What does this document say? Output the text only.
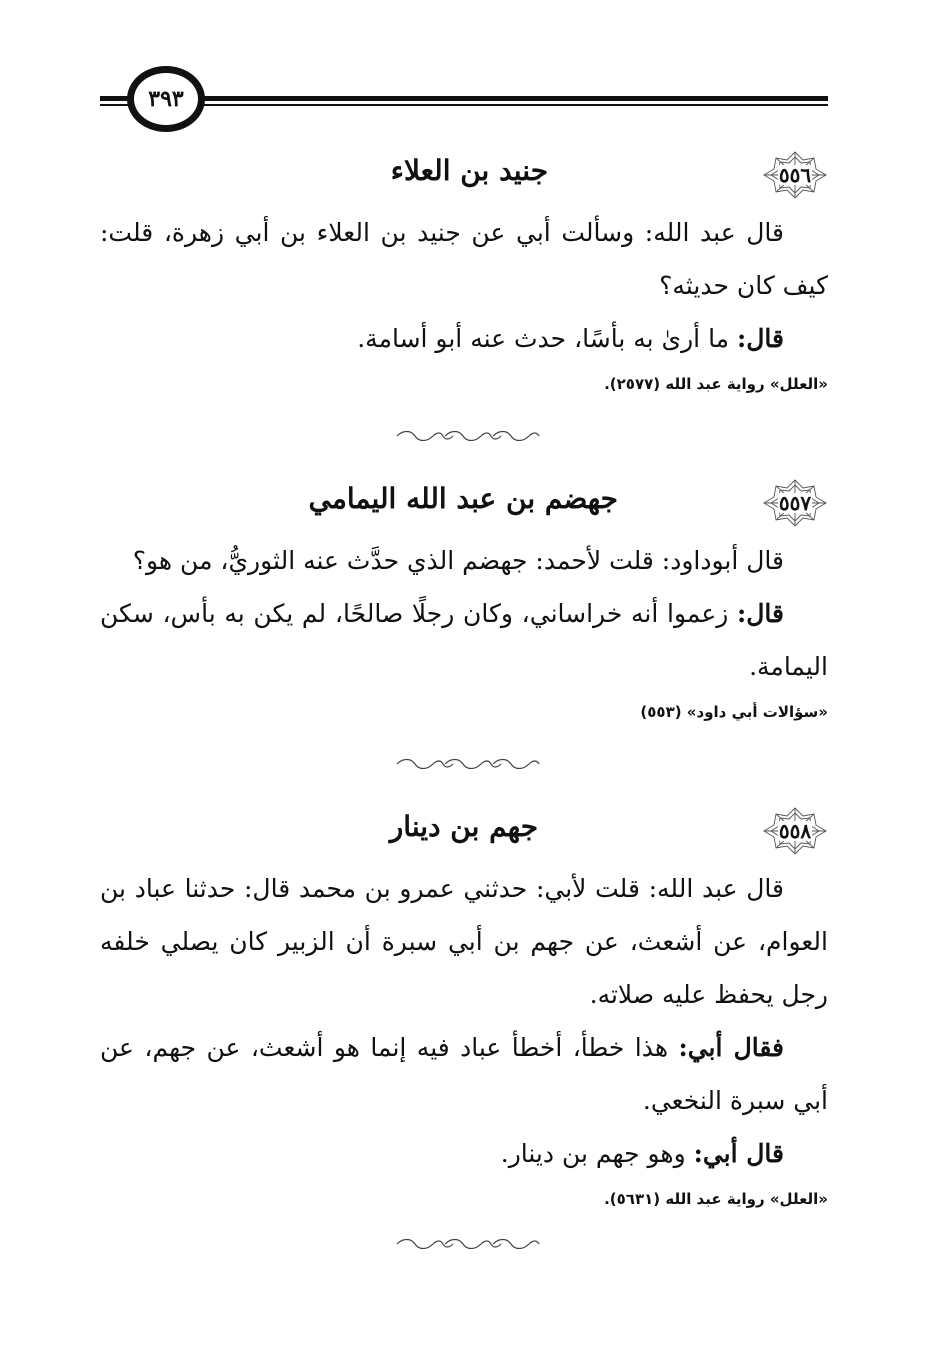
٣٩٣
٥٥٦
جنيد بن العلاء

قال عبد الله: وسألت أبي عن جنيد بن العلاء بن أبي زهرة، قلت: كيف كان حديثه؟

قال: ما أرىٰ به بأسًا، حدث عنه أبو أسامة.

«العلل» رواية عبد الله (٢٥٧٧).

٥٥٧
جهضم بن عبد الله اليمامي

قال أبوداود: قلت لأحمد: جهضم الذي حدَّث عنه الثوريُّ، من هو؟

قال: زعموا أنه خراساني، وكان رجلًا صالحًا، لم يكن به بأس، سكن اليمامة.

«سؤالات أبي داود» (٥٥٣)

٥٥٨
جهم بن دينار

قال عبد الله: قلت لأبي: حدثني عمرو بن محمد قال: حدثنا عباد بن العوام، عن أشعث، عن جهم بن أبي سبرة أن الزبير كان يصلي خلفه رجل يحفظ عليه صلاته.

فقال أبي: هذا خطأ، أخطأ عباد فيه إنما هو أشعث، عن جهم، عن أبي سبرة النخعي.

قال أبي: وهو جهم بن دينار.

«العلل» رواية عبد الله (٥٦٣١).
